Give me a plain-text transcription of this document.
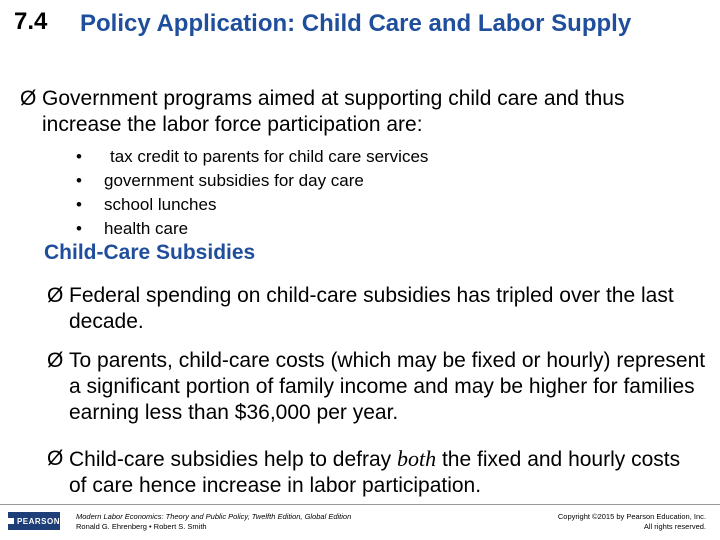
7.4 Policy Application: Child Care and Labor Supply
Ø Government programs aimed at supporting child care and thus increase the labor force participation are:
•	tax credit to parents for child care services
•	government subsidies for day care
•	school lunches
•	health care
Child-Care Subsidies
Ø Federal spending on child-care subsidies has tripled over the last decade.
Ø To parents, child-care costs (which may be fixed or hourly) represent a significant portion of family income and may be higher for families earning less than $36,000 per year.
Ø Child-care subsidies help to defray both the fixed and hourly costs of care hence increase in labor participation.
PEARSON Modern Labor Economics: Theory and Public Policy, Twelfth Edition, Global Edition
Ronald G. Ehrenberg • Robert S. Smith
Copyright ©2015 by Pearson Education, Inc.
All rights reserved.
